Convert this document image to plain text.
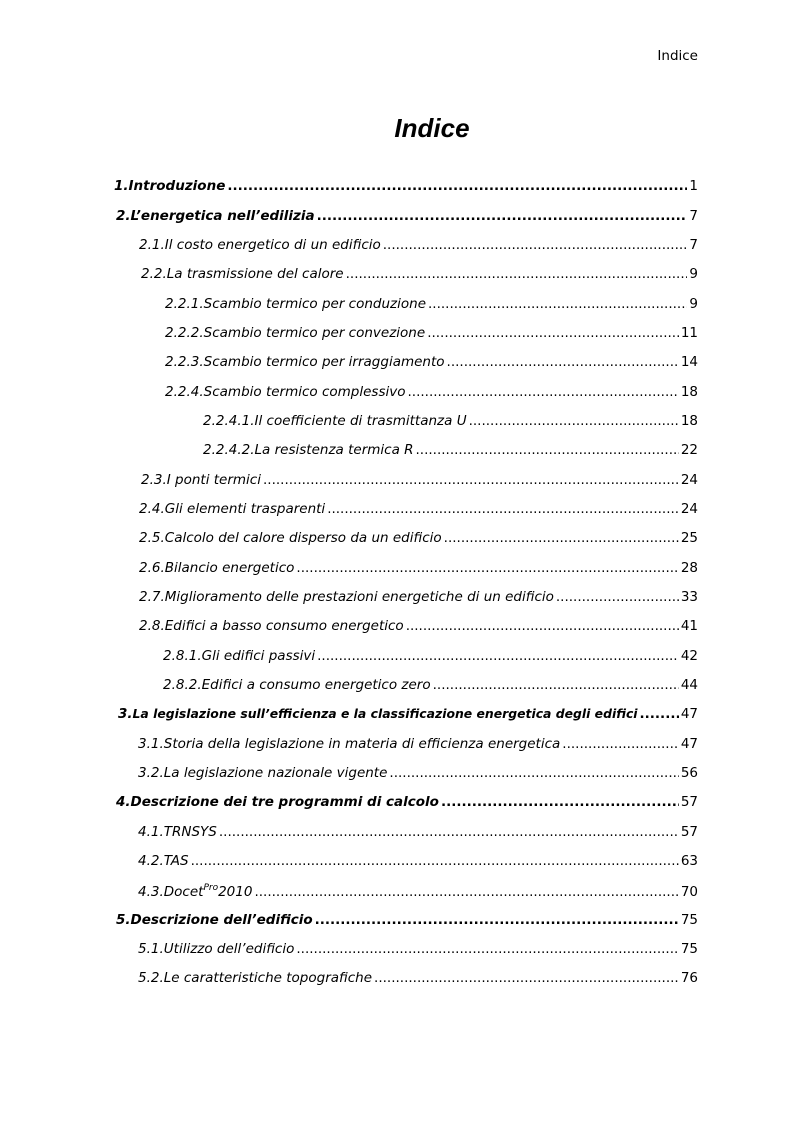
Indice
Indice
1. Introduzione .....	1
2. L’energetica nell’edilizia .....	7
2.1. Il costo energetico di un edificio .....	7
2.2. La trasmissione del calore .....	9
2.2.1. Scambio termico per conduzione .....	9
2.2.2. Scambio termico per convezione .....	11
2.2.3. Scambio termico per irraggiamento .....	14
2.2.4. Scambio termico complessivo .....	18
2.2.4.1. Il coefficiente di trasmittanza U .....	18
2.2.4.2. La resistenza termica R .....	22
2.3. I ponti termici .....	24
2.4. Gli elementi trasparenti .....	24
2.5. Calcolo del calore disperso da un edificio .....	25
2.6. Bilancio energetico .....	28
2.7. Miglioramento delle prestazioni energetiche di un edificio .....	33
2.8. Edifici a basso consumo energetico .....	41
2.8.1. Gli edifici passivi .....	42
2.8.2. Edifici a consumo energetico zero .....	44
3. La legislazione sull’efficienza e la classificazione energetica degli edifici .....	47
3.1. Storia della legislazione in materia di efficienza energetica .....	47
3.2. La legislazione nazionale vigente .....	56
4. Descrizione dei tre programmi di calcolo .....	57
4.1. TRNSYS .....	57
4.2. TAS .....	63
4.3. Docet$^{Pro}$2010 .....	70
5. Descrizione dell’edificio .....	75
5.1. Utilizzo dell’edificio .....	75
5.2. Le caratteristiche topografiche .....	76
